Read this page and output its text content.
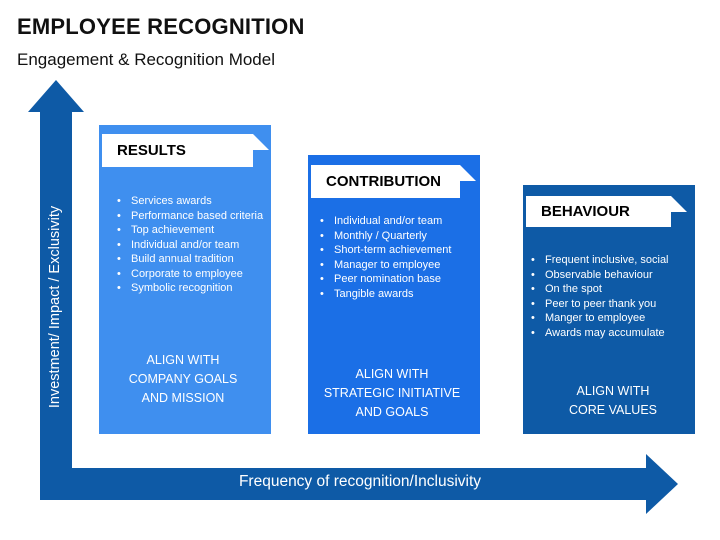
EMPLOYEE RECOGNITION
Engagement & Recognition Model
Investment/ Impact / Exclusivity
Frequency of recognition/Inclusivity
RESULTS
• Services awards
• Performance based criteria
• Top achievement
• Individual and/or team
• Build annual tradition
• Corporate to employee
• Symbolic recognition
ALIGN WITH
COMPANY GOALS
AND MISSION
CONTRIBUTION
• Individual and/or team
• Monthly / Quarterly
• Short-term achievement
• Manager to employee
• Peer nomination base
• Tangible awards
ALIGN WITH
STRATEGIC INITIATIVE
AND GOALS
BEHAVIOUR
• Frequent inclusive, social
• Observable behaviour
• On the spot
• Peer to peer thank you
• Manger to employee
• Awards may accumulate
ALIGN WITH
CORE VALUES
